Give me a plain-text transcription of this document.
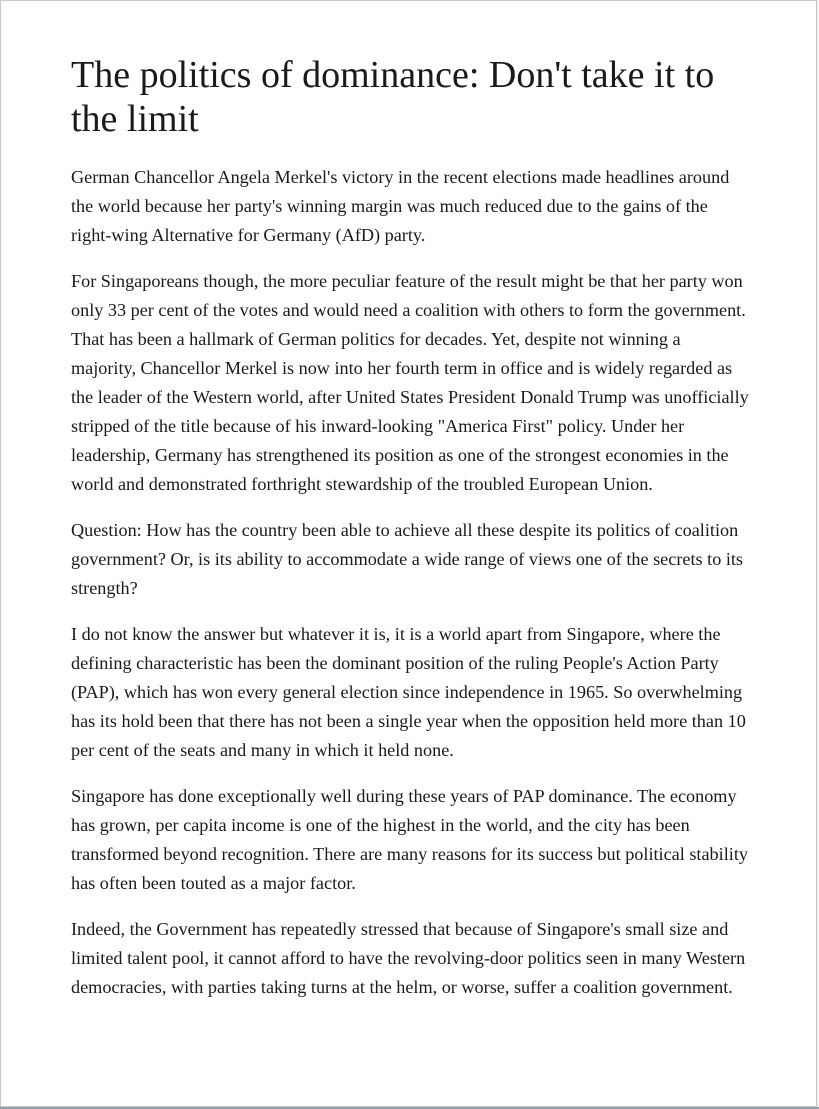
The politics of dominance: Don't take it to the limit

German Chancellor Angela Merkel's victory in the recent elections made headlines around the world because her party's winning margin was much reduced due to the gains of the right-wing Alternative for Germany (AfD) party.

For Singaporeans though, the more peculiar feature of the result might be that her party won only 33 per cent of the votes and would need a coalition with others to form the government. That has been a hallmark of German politics for decades. Yet, despite not winning a majority, Chancellor Merkel is now into her fourth term in office and is widely regarded as the leader of the Western world, after United States President Donald Trump was unofficially stripped of the title because of his inward-looking "America First" policy. Under her leadership, Germany has strengthened its position as one of the strongest economies in the world and demonstrated forthright stewardship of the troubled European Union.

Question: How has the country been able to achieve all these despite its politics of coalition government? Or, is its ability to accommodate a wide range of views one of the secrets to its strength?

I do not know the answer but whatever it is, it is a world apart from Singapore, where the defining characteristic has been the dominant position of the ruling People's Action Party (PAP), which has won every general election since independence in 1965. So overwhelming has its hold been that there has not been a single year when the opposition held more than 10 per cent of the seats and many in which it held none.

Singapore has done exceptionally well during these years of PAP dominance. The economy has grown, per capita income is one of the highest in the world, and the city has been transformed beyond recognition. There are many reasons for its success but political stability has often been touted as a major factor.

Indeed, the Government has repeatedly stressed that because of Singapore's small size and limited talent pool, it cannot afford to have the revolving-door politics seen in many Western democracies, with parties taking turns at the helm, or worse, suffer a coalition government.
